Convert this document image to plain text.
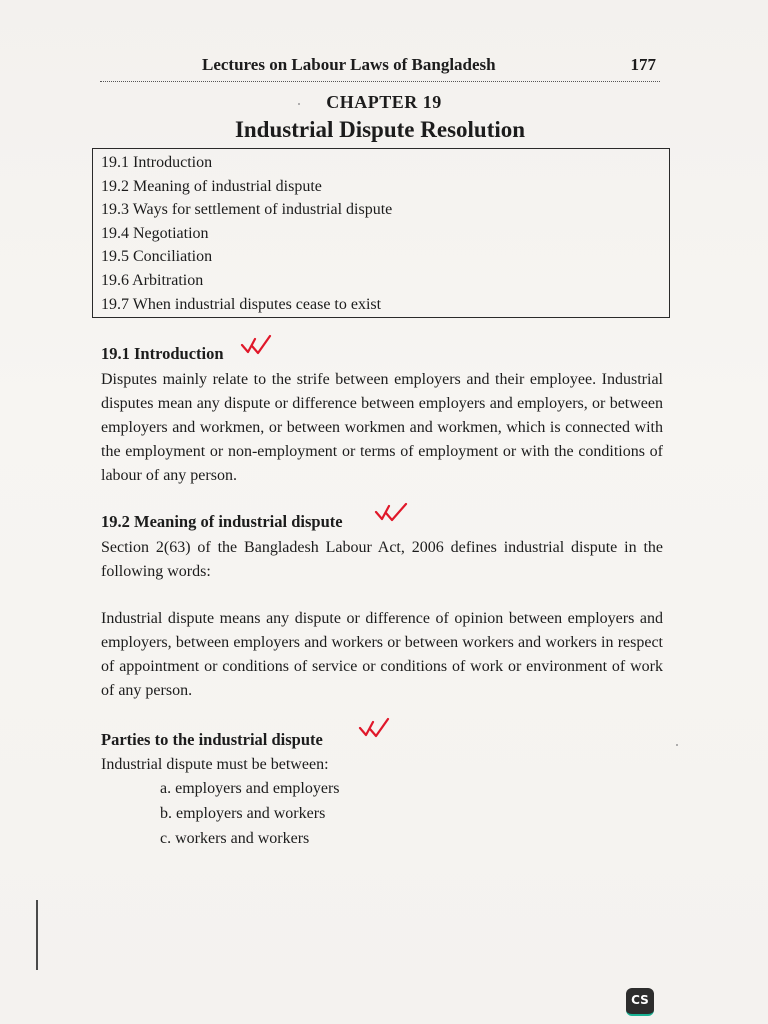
Lectures on Labour Laws of Bangladesh	177
CHAPTER 19
Industrial Dispute Resolution
19.1 Introduction
19.2 Meaning of industrial dispute
19.3 Ways for settlement of industrial dispute
19.4 Negotiation
19.5 Conciliation
19.6 Arbitration
19.7 When industrial disputes cease to exist
19.1 Introduction
Disputes mainly relate to the strife between employers and their employee. Industrial disputes mean any dispute or difference between employers and employers, or between employers and workmen, or between workmen and workmen, which is connected with the employment or non-employment or terms of employment or with the conditions of labour of any person.
19.2 Meaning of industrial dispute
Section 2(63) of the Bangladesh Labour Act, 2006 defines industrial dispute in the following words:
Industrial dispute means any dispute or difference of opinion between employers and employers, between employers and workers or between workers and workers in respect of appointment or conditions of service or conditions of work or environment of work of any person.
Parties to the industrial dispute
Industrial dispute must be between:
a. employers and employers
b. employers and workers
c. workers and workers
CS
